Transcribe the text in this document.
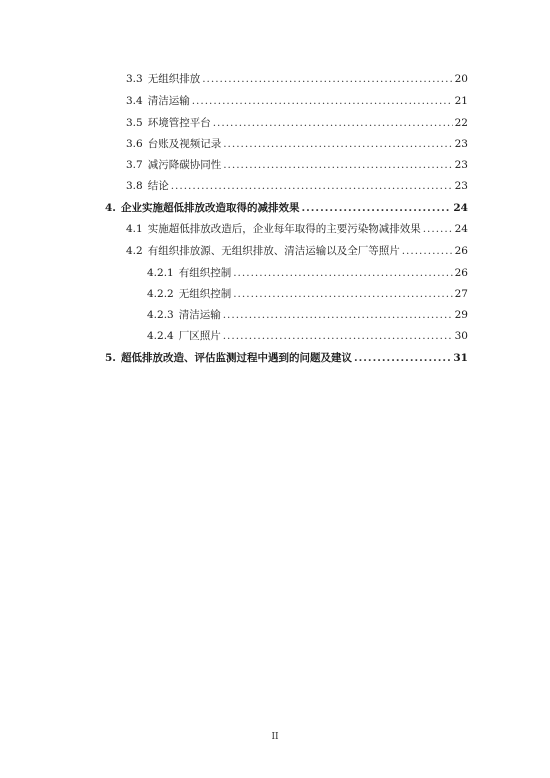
3.3 无组织排放 .....	20
3.4 清洁运输 .....	21
3.5 环境管控平台 .....	22
3.6 台账及视频记录 .....	23
3.7 减污降碳协同性 .....	23
3.8 结论 .....	23
4. 企业实施超低排放改造取得的减排效果 .....	24
4.1 实施超低排放改造后，企业每年取得的主要污染物减排效果 .....	24
4.2 有组织排放源、无组织排放、清洁运输以及全厂等照片 .....	26
4.2.1 有组织控制 .....	26
4.2.2 无组织控制 .....	27
4.2.3 清洁运输 .....	29
4.2.4 厂区照片 .....	30
5. 超低排放改造、评估监测过程中遇到的问题及建议 .....	31
II
